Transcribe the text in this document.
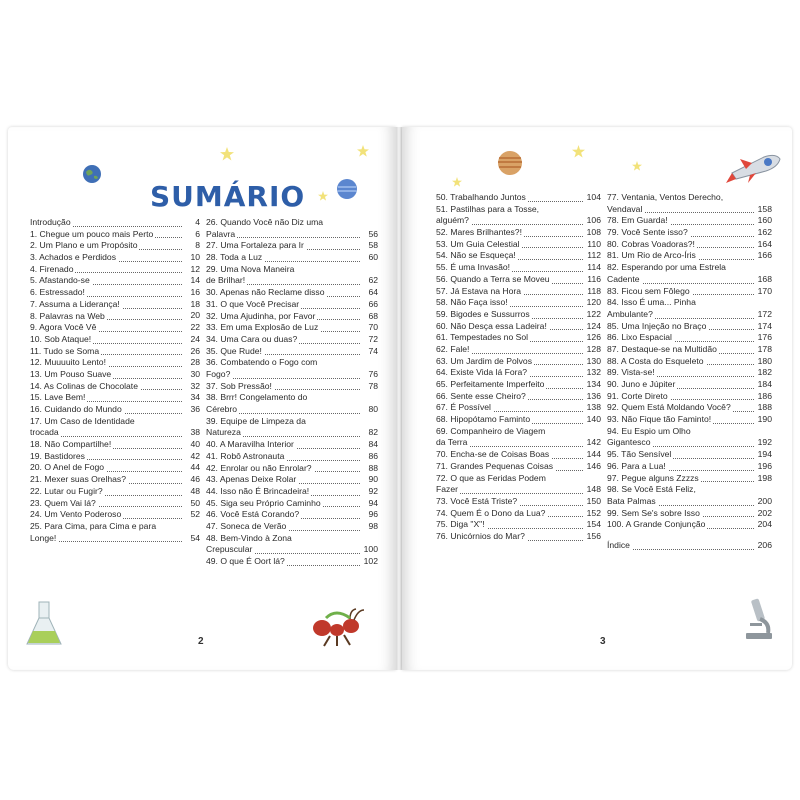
SUMÁRIO
Introdução	4
1. Chegue um pouco mais Perto	6
2. Um Plano e um Propósito	8
3. Achados e Perdidos	10
4. Firenado	12
5. Afastando-se	14
6. Estressado!	16
7. Assuma a Liderança!	18
8. Palavras na Web	20
9. Agora Você Vê	22
10. Sob Ataque!	24
11. Tudo se Soma	26
12. Muuuuito Lento!	28
13. Um Pouso Suave	30
14. As Colinas de Chocolate	32
15. Lave Bem!	34
16. Cuidando do Mundo	36
17. Um Caso de Identidade
trocada	38
18. Não Compartilhe!	40
19. Bastidores	42
20. O Anel de Fogo	44
21. Mexer suas Orelhas?	46
22. Lutar ou Fugir?	48
23. Quem Vai lá?	50
24. Um Vento Poderoso	52
25. Para Cima, para Cima e para
Longe!	54
26. Quando Você não Diz uma
Palavra	56
27. Uma Fortaleza para Ir	58
28. Toda a Luz	60
29. Uma Nova Maneira
de Brilhar!	62
30. Apenas não Reclame disso	64
31. O que Você Precisar	66
32. Uma Ajudinha, por Favor	68
33. Em uma Explosão de Luz	70
34. Uma Cara ou duas?	72
35. Que Rude!	74
36. Combatendo o Fogo com
Fogo?	76
37. Sob Pressão!	78
38. Brrr! Congelamento do
Cérebro	80
39. Equipe de Limpeza da
Natureza	82
40. A Maravilha Interior	84
41. Robô Astronauta	86
42. Enrolar ou não Enrolar?	88
43. Apenas Deixe Rolar	90
44. Isso não É Brincadeira!	92
45. Siga seu Próprio Caminho	94
46. Você Está Corando?	96
47. Soneca de Verão	98
48. Bem-Vindo à Zona
Crepuscular	100
49. O que É Oort lá?	102
2
50. Trabalhando Juntos	104
51. Pastilhas para a Tosse,
alguém?	106
52. Mares Brilhantes?!	108
53. Um Guia Celestial	110
54. Não se Esqueça!	112
55. É uma Invasão!	114
56. Quando a Terra se Moveu	116
57. Já Estava na Hora	118
58. Não Faça isso!	120
59. Bigodes e Sussurros	122
60. Não Desça essa Ladeira!	124
61. Tempestades no Sol	126
62. Fale!	128
63. Um Jardim de Polvos	130
64. Existe Vida lá Fora?	132
65. Perfeitamente Imperfeito	134
66. Sente esse Cheiro?	136
67. É Possível	138
68. Hipopótamo Faminto	140
69. Companheiro de Viagem
da Terra	142
70. Encha-se de Coisas Boas	144
71. Grandes Pequenas Coisas	146
72. O que as Feridas Podem
Fazer	148
73. Você Está Triste?	150
74. Quem É o Dono da Lua?	152
75. Diga "X"!	154
76. Unicórnios do Mar?	156
77. Ventania, Ventos Derecho,
Vendaval	158
78. Em Guarda!	160
79. Você Sente isso?	162
80. Cobras Voadoras?!	164
81. Um Rio de Arco-Íris	166
82. Esperando por uma Estrela
Cadente	168
83. Ficou sem Fôlego	170
84. Isso É uma... Pinha
Ambulante?	172
85. Uma Injeção no Braço	174
86. Lixo Espacial	176
87. Destaque-se na Multidão	178
88. A Costa do Esqueleto	180
89. Vista-se!	182
90. Juno e Júpiter	184
91. Corte Direto	186
92. Quem Está Moldando Você?	188
93. Não Fique tão Faminto!	190
94. Eu Espio um Olho
Gigantesco	192
95. Tão Sensível	194
96. Para a Lua!	196
97. Pegue alguns Zzzzs	198
98. Se Você Está Feliz,
Bata Palmas	200
99. Sem Se's sobre Isso	202
100. A Grande Conjunção	204
Índice	206
3
